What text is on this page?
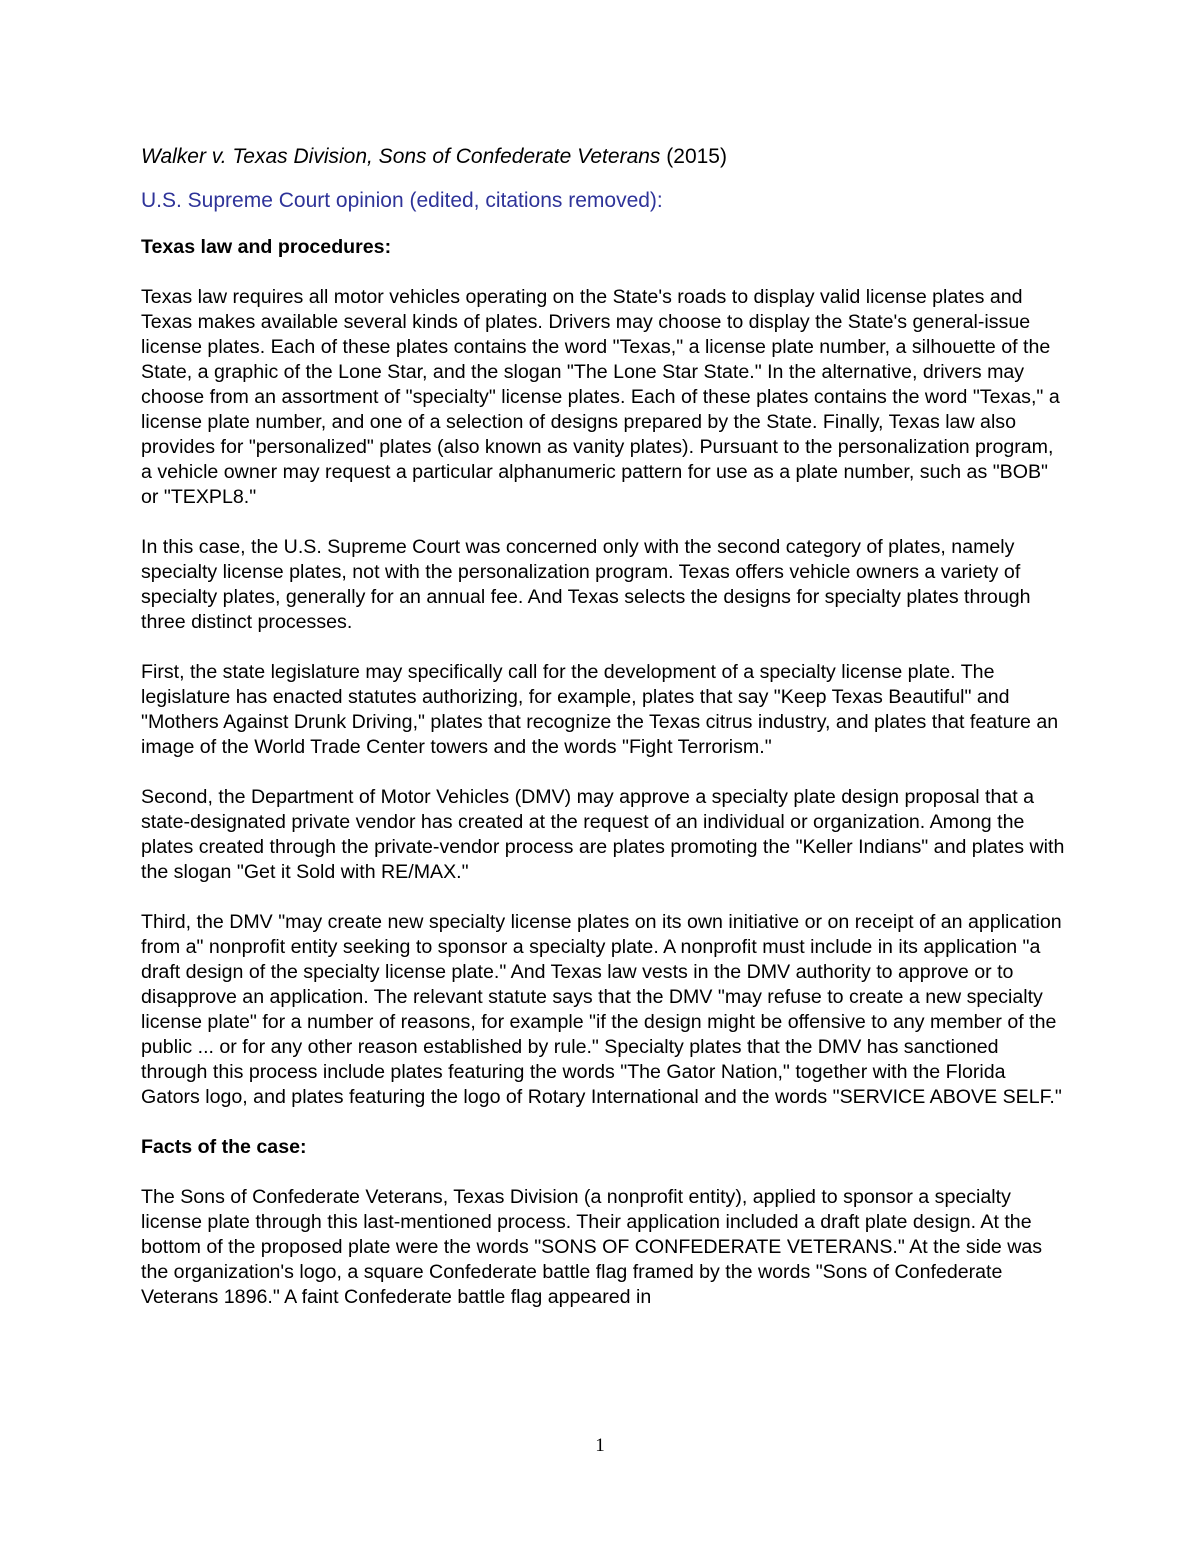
Walker v. Texas Division, Sons of Confederate Veterans (2015)
U.S. Supreme Court opinion (edited, citations removed):
Texas law and procedures:

Texas law requires all motor vehicles operating on the State's roads to display valid license plates and Texas makes available several kinds of plates. Drivers may choose to display the State's general-issue license plates. Each of these plates contains the word "Texas," a license plate number, a silhouette of the State, a graphic of the Lone Star, and the slogan "The Lone Star State." In the alternative, drivers may choose from an assortment of "specialty" license plates. Each of these plates contains the word "Texas," a license plate number, and one of a selection of designs prepared by the State. Finally, Texas law also provides for "personalized" plates (also known as vanity plates). Pursuant to the personalization program, a vehicle owner may request a particular alphanumeric pattern for use as a plate number, such as "BOB" or "TEXPL8."

In this case, the U.S. Supreme Court was concerned only with the second category of plates, namely specialty license plates, not with the personalization program. Texas offers vehicle owners a variety of specialty plates, generally for an annual fee. And Texas selects the designs for specialty plates through three distinct processes.

First, the state legislature may specifically call for the development of a specialty license plate. The legislature has enacted statutes authorizing, for example, plates that say "Keep Texas Beautiful" and "Mothers Against Drunk Driving," plates that recognize the Texas citrus industry, and plates that feature an image of the World Trade Center towers and the words "Fight Terrorism."

Second, the Department of Motor Vehicles (DMV) may approve a specialty plate design proposal that a state-designated private vendor has created at the request of an individual or organization. Among the plates created through the private-vendor process are plates promoting the "Keller Indians" and plates with the slogan "Get it Sold with RE/MAX."

Third, the DMV "may create new specialty license plates on its own initiative or on receipt of an application from a" nonprofit entity seeking to sponsor a specialty plate. A nonprofit must include in its application "a draft design of the specialty license plate." And Texas law vests in the DMV authority to approve or to disapprove an application. The relevant statute says that the DMV "may refuse to create a new specialty license plate" for a number of reasons, for example "if the design might be offensive to any member of the public ... or for any other reason established by rule." Specialty plates that the DMV has sanctioned through this process include plates featuring the words "The Gator Nation," together with the Florida Gators logo, and plates featuring the logo of Rotary International and the words "SERVICE ABOVE SELF."

Facts of the case:

The Sons of Confederate Veterans, Texas Division (a nonprofit entity), applied to sponsor a specialty license plate through this last-mentioned process. Their application included a draft plate design. At the bottom of the proposed plate were the words "SONS OF CONFEDERATE VETERANS." At the side was the organization's logo, a square Confederate battle flag framed by the words "Sons of Confederate Veterans 1896." A faint Confederate battle flag appeared in

1
